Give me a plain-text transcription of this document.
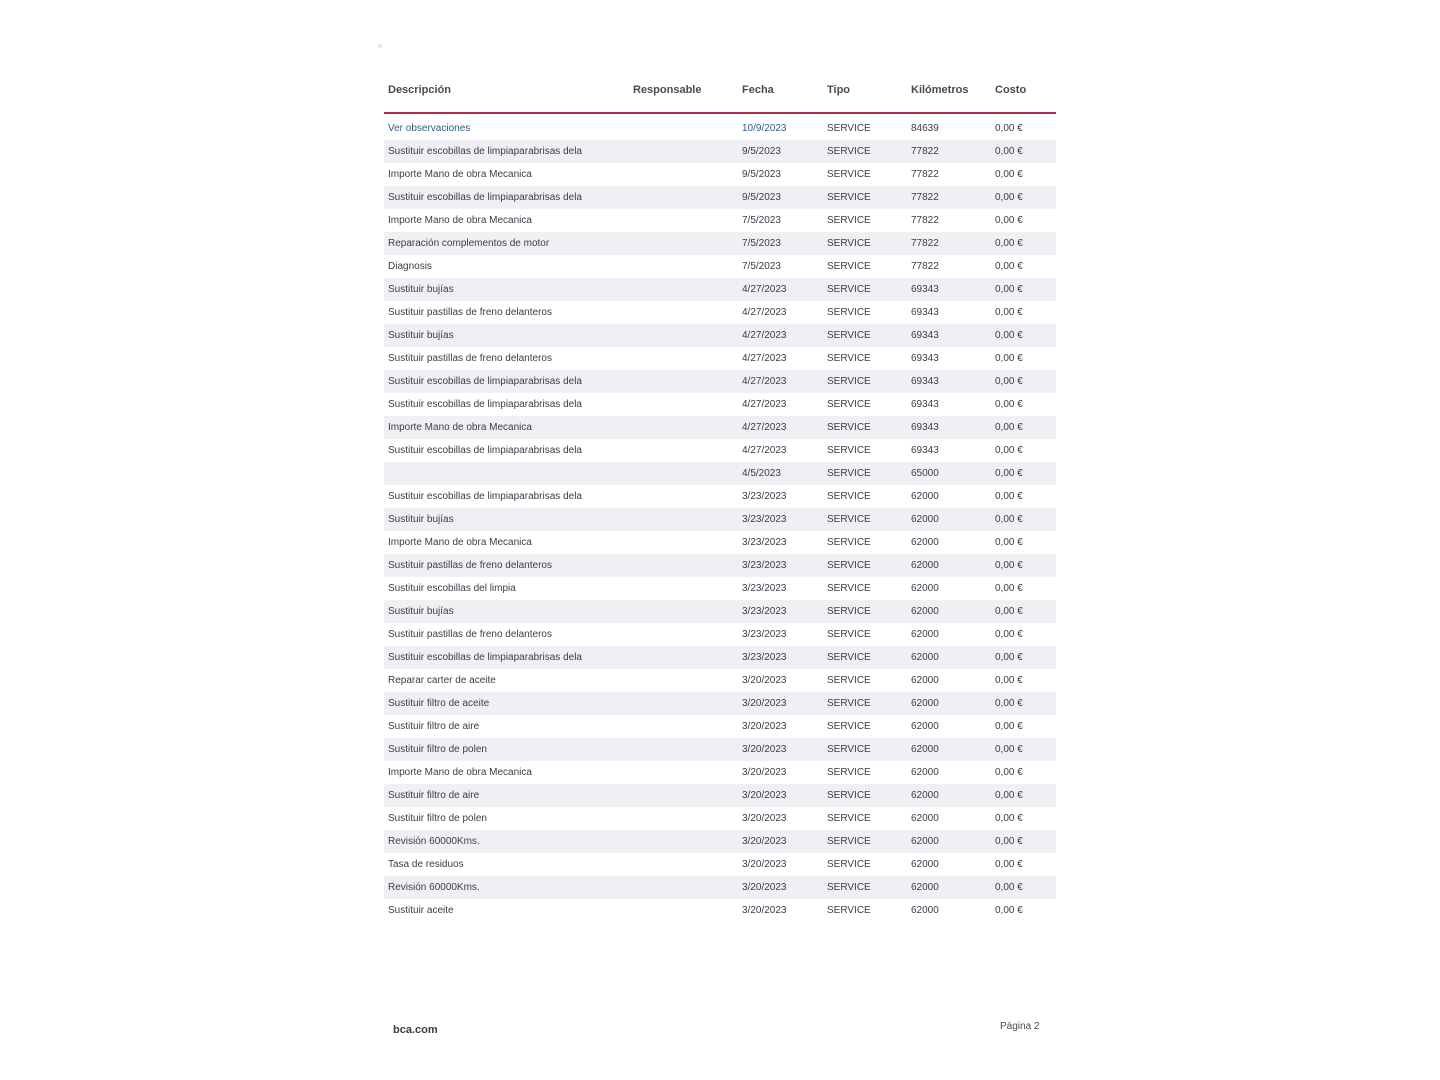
Descripción	Responsable	Fecha	Tipo	Kilómetros Costo
Ver observaciones	10/9/2023	SERVICE	84639	0,00 €
Sustituir escobillas de limpiaparabrisas dela	9/5/2023	SERVICE	77822	0,00 €
Importe Mano de obra Mecanica	9/5/2023	SERVICE	77822	0,00 €
Sustituir escobillas de limpiaparabrisas dela	9/5/2023	SERVICE	77822	0,00 €
Importe Mano de obra Mecanica	7/5/2023	SERVICE	77822	0,00 €
Reparación complementos de motor	7/5/2023	SERVICE	77822	0,00 €
Diagnosis	7/5/2023	SERVICE	77822	0,00 €
Sustituir bujías	4/27/2023	SERVICE	69343	0,00 €
Sustituir pastillas de freno delanteros	4/27/2023	SERVICE	69343	0,00 €
Sustituir bujías	4/27/2023	SERVICE	69343	0,00 €
Sustituir pastillas de freno delanteros	4/27/2023	SERVICE	69343	0,00 €
Sustituir escobillas de limpiaparabrisas dela	4/27/2023	SERVICE	69343	0,00 €
Sustituir escobillas de limpiaparabrisas dela	4/27/2023	SERVICE	69343	0,00 €
Importe Mano de obra Mecanica	4/27/2023	SERVICE	69343	0,00 €
Sustituir escobillas de limpiaparabrisas dela	4/27/2023	SERVICE	69343	0,00 €
4/5/2023	SERVICE	65000	0,00 €
Sustituir escobillas de limpiaparabrisas dela	3/23/2023	SERVICE	62000	0,00 €
Sustituir bujías	3/23/2023	SERVICE	62000	0,00 €
Importe Mano de obra Mecanica	3/23/2023	SERVICE	62000	0,00 €
Sustituir pastillas de freno delanteros	3/23/2023	SERVICE	62000	0,00 €
Sustituir escobillas del limpia	3/23/2023	SERVICE	62000	0,00 €
Sustituir bujías	3/23/2023	SERVICE	62000	0,00 €
Sustituir pastillas de freno delanteros	3/23/2023	SERVICE	62000	0,00 €
Sustituir escobillas de limpiaparabrisas dela	3/23/2023	SERVICE	62000	0,00 €
Reparar carter de aceite	3/20/2023	SERVICE	62000	0,00 €
Sustituir filtro de aceite	3/20/2023	SERVICE	62000	0,00 €
Sustituir filtro de aire	3/20/2023	SERVICE	62000	0,00 €
Sustituir filtro de polen	3/20/2023	SERVICE	62000	0,00 €
Importe Mano de obra Mecanica	3/20/2023	SERVICE	62000	0,00 €
Sustituir filtro de aire	3/20/2023	SERVICE	62000	0,00 €
Sustituir filtro de polen	3/20/2023	SERVICE	62000	0,00 €
Revisión 60000Kms.	3/20/2023	SERVICE	62000	0,00 €
Tasa de residuos	3/20/2023	SERVICE	62000	0,00 €
Revisión 60000Kms.	3/20/2023	SERVICE	62000	0,00 €
Sustituir aceite	3/20/2023	SERVICE	62000	0,00 €
bca.com	Página 2
